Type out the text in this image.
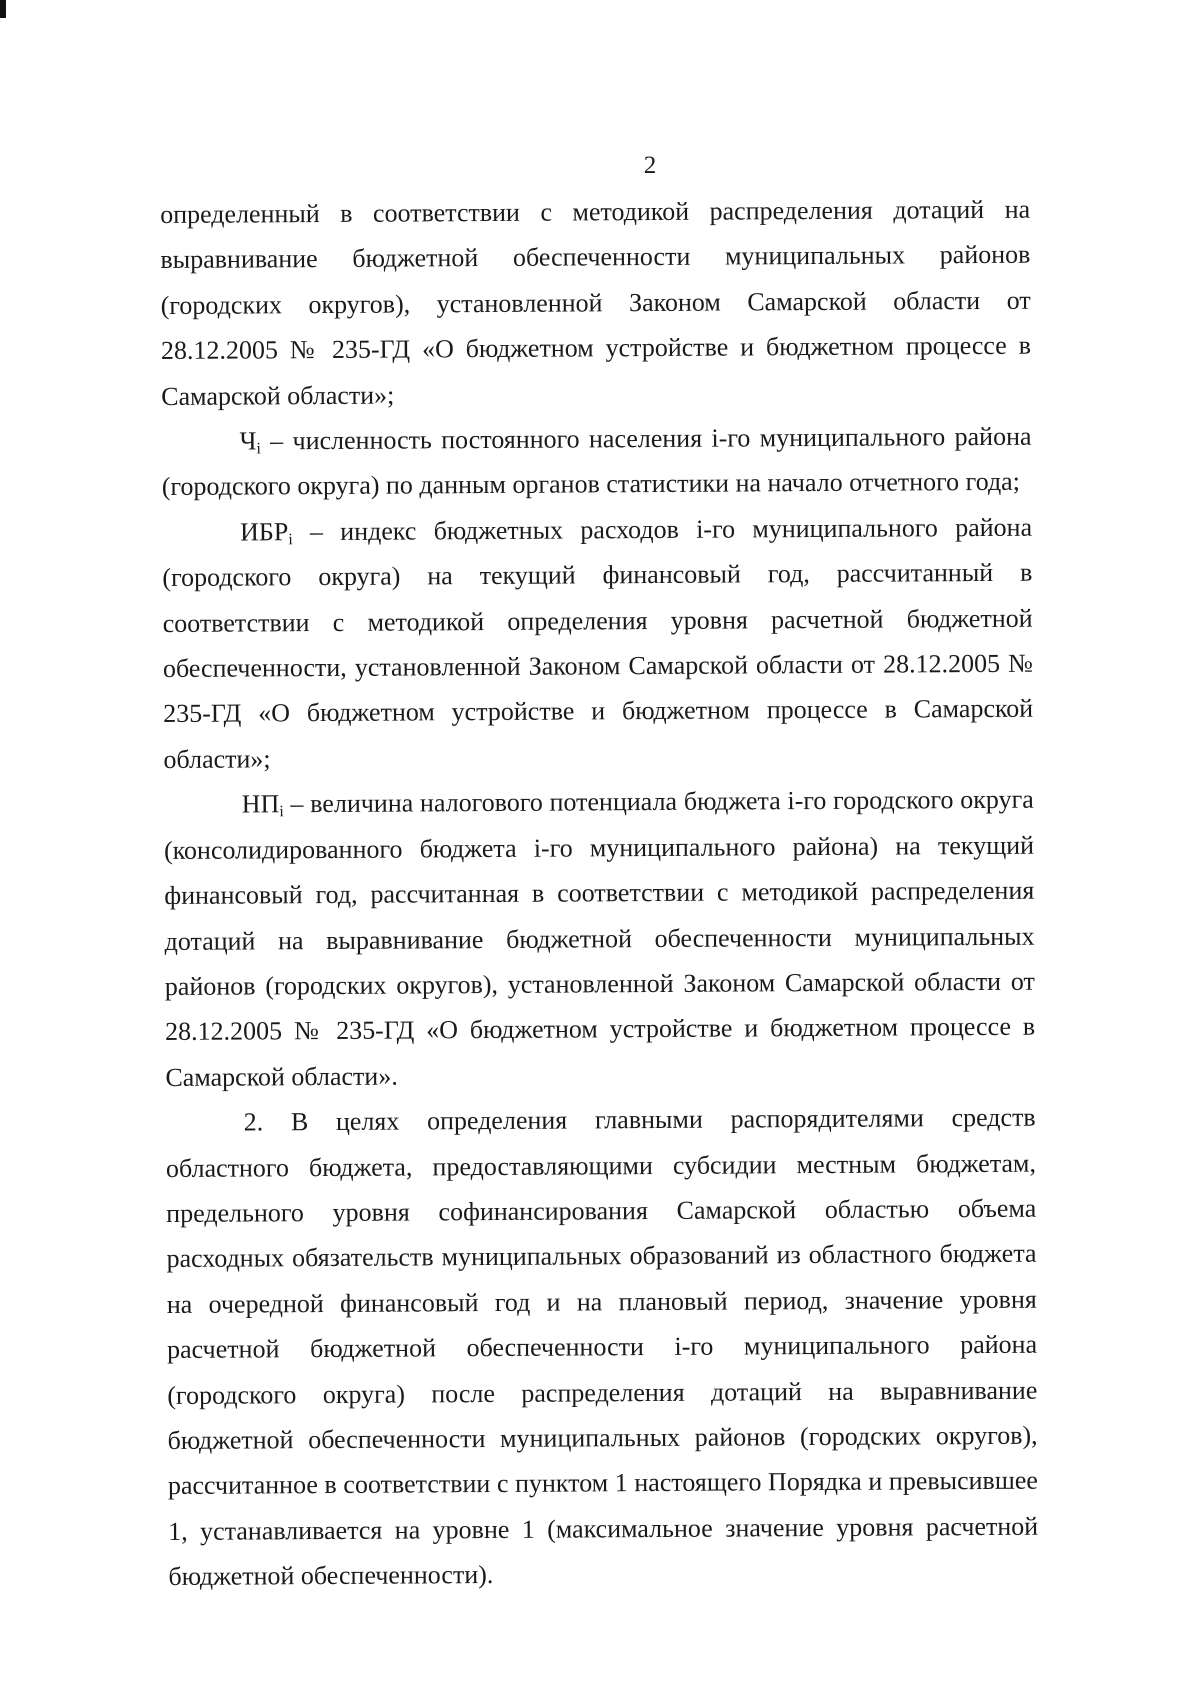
2

определенный в соответствии с методикой распределения дотаций на выравнивание бюджетной обеспеченности муниципальных районов (городских округов), установленной Законом Самарской области от 28.12.2005 № 235-ГД «О бюджетном устройстве и бюджетном процессе в Самарской области»;

$Ч_i$ – численность постоянного населения i-го муниципального района (городского округа) по данным органов статистики на начало отчетного года;

$ИБР_i$ – индекс бюджетных расходов i-го муниципального района (городского округа) на текущий финансовый год, рассчитанный в соответствии с методикой определения уровня расчетной бюджетной обеспеченности, установленной Законом Самарской области от 28.12.2005 № 235-ГД «О бюджетном устройстве и бюджетном процессе в Самарской области»;

$НП_i$ – величина налогового потенциала бюджета i-го городского округа (консолидированного бюджета i-го муниципального района) на текущий финансовый год, рассчитанная в соответствии с методикой распределения дотаций на выравнивание бюджетной обеспеченности муниципальных районов (городских округов), установленной Законом Самарской области от 28.12.2005 № 235-ГД «О бюджетном устройстве и бюджетном процессе в Самарской области».

2. В целях определения главными распорядителями средств областного бюджета, предоставляющими субсидии местным бюджетам, предельного уровня софинансирования Самарской областью объема расходных обязательств муниципальных образований из областного бюджета на очередной финансовый год и на плановый период, значение уровня расчетной бюджетной обеспеченности i-го муниципального района (городского округа) после распределения дотаций на выравнивание бюджетной обеспеченности муниципальных районов (городских округов), рассчитанное в соответствии с пунктом 1 настоящего Порядка и превысившее 1, устанавливается на уровне 1 (максимальное значение уровня расчетной бюджетной обеспеченности).
